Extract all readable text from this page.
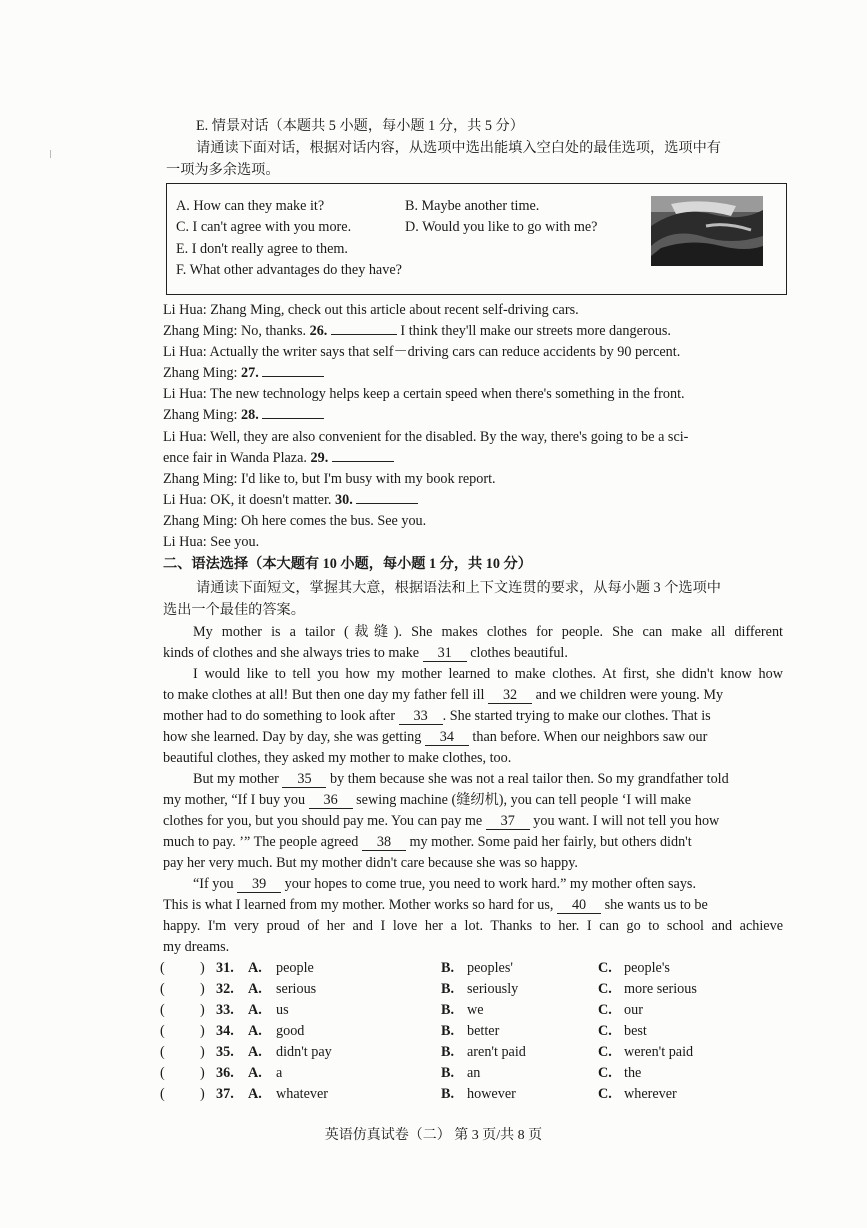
E. 情景对话（本题共 5 小题，每小题 1 分，共 5 分）
请通读下面对话，根据对话内容，从选项中选出能填入空白处的最佳选项，选项中有
一项为多余选项。
A. How can they make it?	B. Maybe another time.
C. I can't agree with you more.	D. Would you like to go with me?
E. I don't really agree to them.
F. What other advantages do they have?
Li Hua: Zhang Ming, check out this article about recent self-driving cars.
Zhang Ming: No, thanks. 26.	I think they'll make our streets more dangerous.
Li Hua: Actually the writer says that self－driving cars can reduce accidents by 90 percent.
Zhang Ming: 27.
Li Hua: The new technology helps keep a certain speed when there's something in the front.
Zhang Ming: 28.
Li Hua: Well, they are also convenient for the disabled. By the way, there's going to be a sci-
ence fair in Wanda Plaza. 29.
Zhang Ming: I'd like to, but I'm busy with my book report.
Li Hua: OK, it doesn't matter. 30.
Zhang Ming: Oh here comes the bus. See you.
Li Hua: See you.
二、语法选择（本大题有 10 小题，每小题 1 分，共 10 分）
请通读下面短文，掌握其大意，根据语法和上下文连贯的要求，从每小题 3 个选项中
选出一个最佳的答案。
My mother is a tailor (裁缝). She makes clothes for people. She can make all different
kinds of clothes and she always tries to make 31 clothes beautiful.
I would like to tell you how my mother learned to make clothes. At first, she didn't know how
to make clothes at all! But then one day my father fell ill 32 and we children were young. My
mother had to do something to look after 33 . She started trying to make our clothes. That is
how she learned. Day by day, she was getting 34 than before. When our neighbors saw our
beautiful clothes, they asked my mother to make clothes, too.
But my mother 35 by them because she was not a real tailor then. So my grandfather told
my mother, “If I buy you 36 sewing machine (缝纫机), you can tell people ‘I will make
clothes for you, but you should pay me. You can pay me 37 you want. I will not tell you how
much to pay. ’” The people agreed 38 my mother. Some paid her fairly, but others didn't
pay her very much. But my mother didn't care because she was so happy.
“If you 39 your hopes to come true, you need to work hard.” my mother often says.
This is what I learned from my mother. Mother works so hard for us, 40 she wants us to be
happy. I'm very proud of her and I love her a lot. Thanks to her. I can go to school and achieve
my dreams.
( ) 31. A. people	B. peoples'	C. people's
( ) 32. A. serious	B. seriously	C. more serious
( ) 33. A. us	B. we	C. our
( ) 34. A. good	B. better	C. best
( ) 35. A. didn't pay	B. aren't paid	C. weren't paid
( ) 36. A. a	B. an	C. the
( ) 37. A. whatever	B. however	C. wherever
英语仿真试卷（二） 第 3 页/共 8 页
